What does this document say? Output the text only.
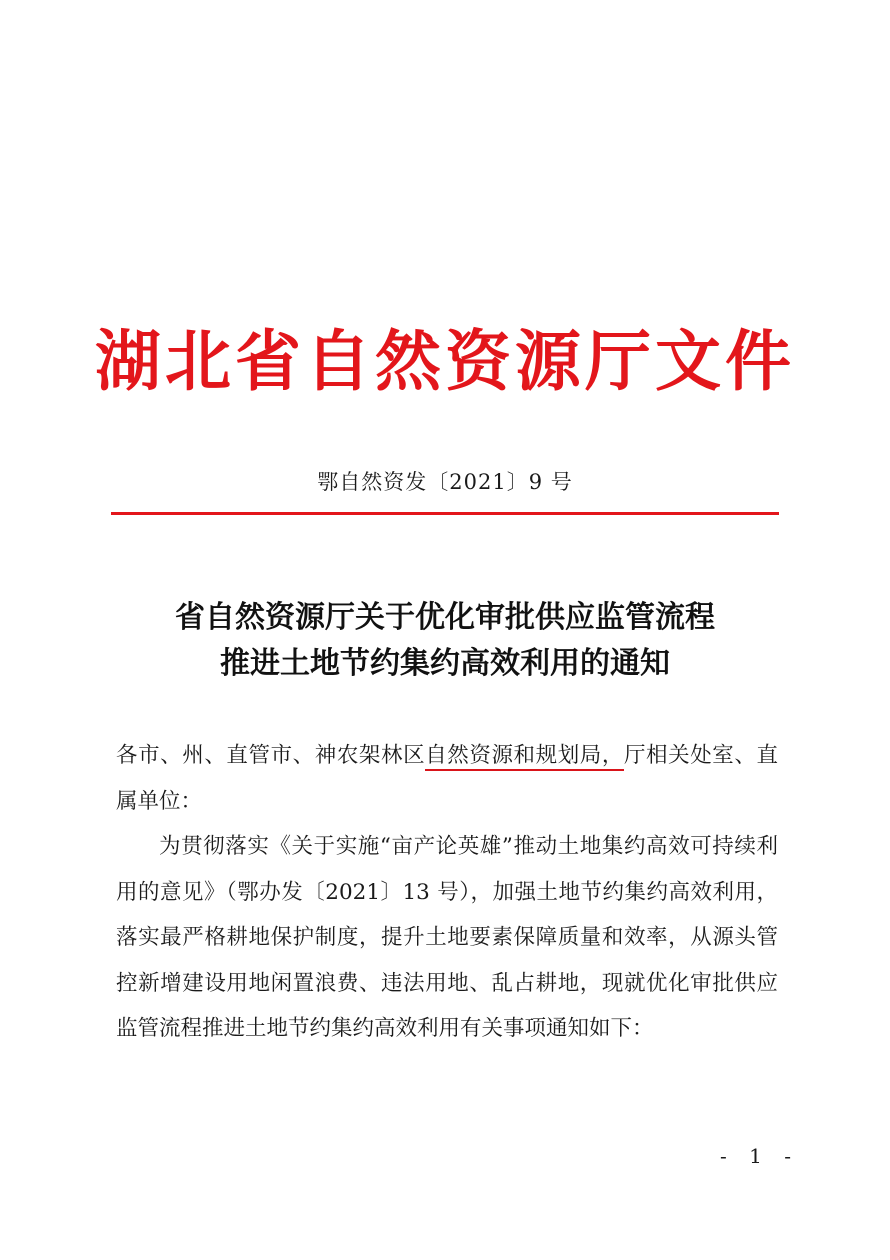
湖北省自然资源厅文件
鄂自然资发〔2021〕9 号
省自然资源厅关于优化审批供应监管流程
推进土地节约集约高效利用的通知

各市、州、直管市、神农架林区自然资源和规划局，厅相关处室、直属单位：

为贯彻落实《关于实施“亩产论英雄”推动土地集约高效可持续利用的意见》（鄂办发〔2021〕13 号），加强土地节约集约高效利用，落实最严格耕地保护制度，提升土地要素保障质量和效率，从源头管控新增建设用地闲置浪费、违法用地、乱占耕地，现就优化审批供应监管流程推进土地节约集约高效利用有关事项通知如下：

- 1 -
